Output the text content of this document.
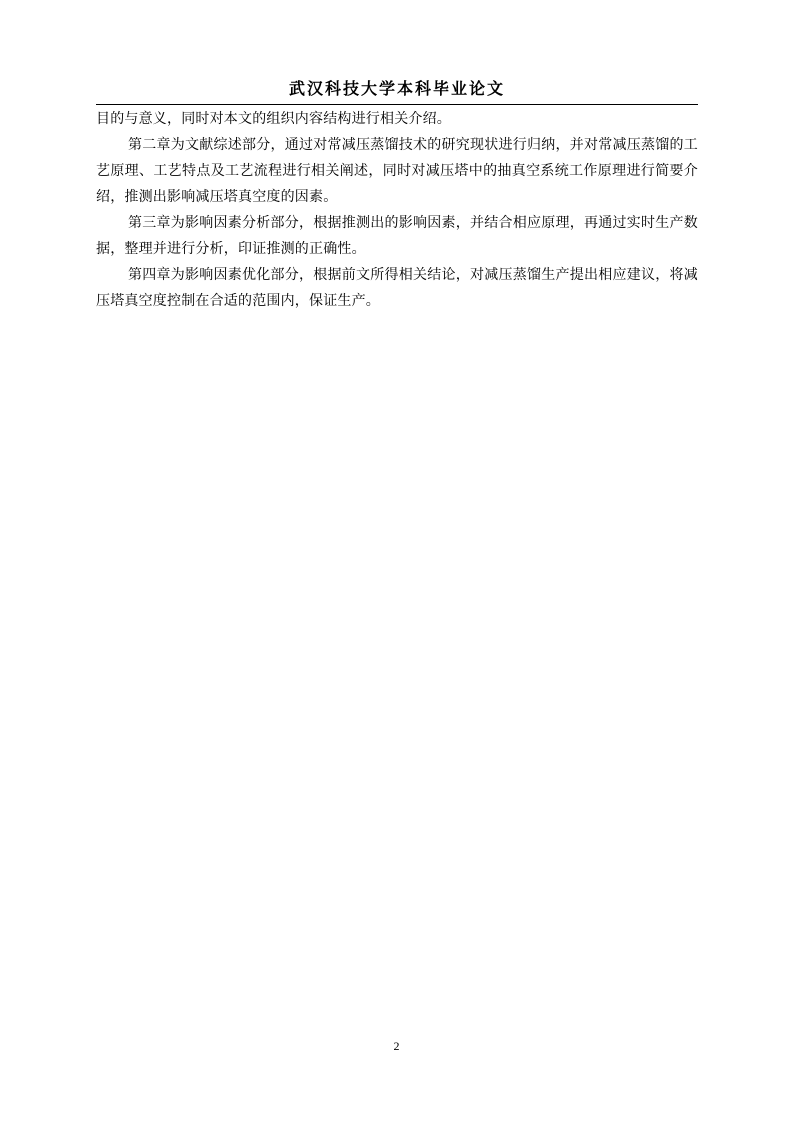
武汉科技大学本科毕业论文

目的与意义，同时对本文的组织内容结构进行相关介绍。

第二章为文献综述部分，通过对常减压蒸馏技术的研究现状进行归纳，并对常减压蒸馏的工艺原理、工艺特点及工艺流程进行相关阐述，同时对减压塔中的抽真空系统工作原理进行简要介绍，推测出影响减压塔真空度的因素。

第三章为影响因素分析部分，根据推测出的影响因素，并结合相应原理，再通过实时生产数据，整理并进行分析，印证推测的正确性。

第四章为影响因素优化部分，根据前文所得相关结论，对减压蒸馏生产提出相应建议，将减压塔真空度控制在合适的范围内，保证生产。

2
